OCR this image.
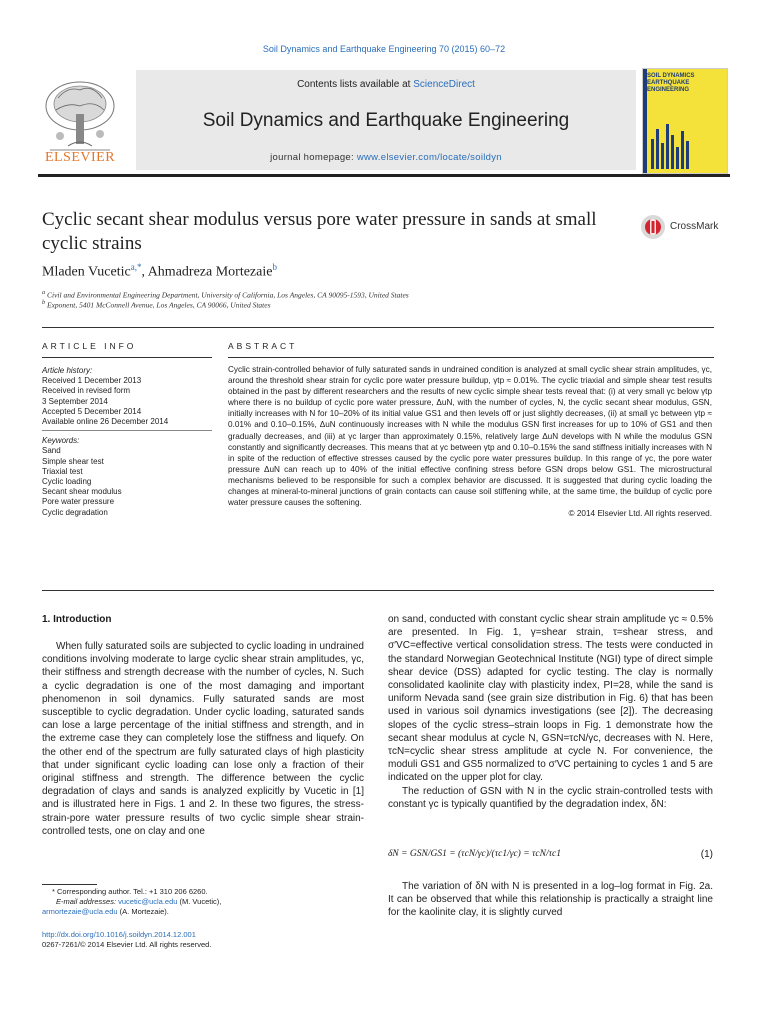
Soil Dynamics and Earthquake Engineering 70 (2015) 60–72
ELSEVIER
Contents lists available at ScienceDirect
Soil Dynamics and Earthquake Engineering
journal homepage: www.elsevier.com/locate/soildyn
SOIL DYNAMICS EARTHQUAKE ENGINEERING
Cyclic secant shear modulus versus pore water pressure in sands at small cyclic strains
CrossMark
Mladen Vucetic$^{a,*}$, Ahmadreza Mortezaie$^b$
$^a$ Civil and Environmental Engineering Department, University of California, Los Angeles, CA 90095-1593, United States
$^b$ Exponent, 5401 McConnell Avenue, Los Angeles, CA 90066, United States
ARTICLE INFO	ABSTRACT
Article history:
Received 1 December 2013
Received in revised form
3 September 2014
Accepted 5 December 2014
Available online 26 December 2014
Keywords:
Sand
Simple shear test
Triaxial test
Cyclic loading
Secant shear modulus
Pore water pressure
Cyclic degradation
Cyclic strain-controlled behavior of fully saturated sands in undrained condition is analyzed at small cyclic shear strain amplitudes, γc, around the threshold shear strain for cyclic pore water pressure buildup, γtp ≈ 0.01%. The cyclic triaxial and simple shear test results obtained in the past by different researchers and the results of new cyclic simple shear tests reveal that: (i) at very small γc below γtp where there is no buildup of cyclic pore water pressure, ΔuN, with the number of cycles, N, the cyclic secant shear modulus, GSN, initially increases with N for 10–20% of its initial value GS1 and then levels off or just slightly decreases, (ii) at small γc between γtp ≈ 0.01% and 0.10–0.15%, ΔuN continuously increases with N while the modulus GSN first increases for up to 10% of GS1 and then gradually decreases, and (iii) at γc larger than approximately 0.15%, relatively large ΔuN develops with N while the modulus GSN constantly and significantly decreases. This means that at γc between γtp and 0.10–0.15% the sand stiffness initially increases with N in spite of the reduction of effective stresses caused by the cyclic pore water pressures buildup. In this range of γc, the pore water pressure ΔuN can reach up to 40% of the initial effective confining stress before GSN drops below GS1. The microstructural mechanisms believed to be responsible for such a complex behavior are discussed. It is suggested that during cyclic loading the changes at mineral-to-mineral junctions of grain contacts can cause soil stiffening while, at the same time, the buildup of cyclic pore water pressure causes the softening.
© 2014 Elsevier Ltd. All rights reserved.
1. Introduction
When fully saturated soils are subjected to cyclic loading in undrained conditions involving moderate to large cyclic shear strain amplitudes, γc, their stiffness and strength decrease with the number of cycles, N. Such a cyclic degradation is one of the most damaging and important phenomenon in soil dynamics. Fully saturated sands are most susceptible to cyclic degradation. Under cyclic loading, saturated sands can lose a large percentage of the initial stiffness and strength, and in the extreme case they can completely lose the stiffness and liquefy. On the other end of the spectrum are fully saturated clays of high plasticity that under significant cyclic loading can lose only a fraction of their original stiffness and strength. The difference between the cyclic degradation of clays and sands is analyzed explicitly by Vucetic in [1] and is illustrated here in Figs. 1 and 2. In these two figures, the stress-strain-pore water pressure results of two cyclic simple shear strain-controlled tests, one on clay and one

on sand, conducted with constant cyclic shear strain amplitude γc ≈ 0.5% are presented. In Fig. 1, γ=shear strain, τ=shear stress, and σ′VC=effective vertical consolidation stress. The tests were conducted in the standard Norwegian Geotechnical Institute (NGI) type of direct simple shear device (DSS) adapted for cyclic testing. The clay is normally consolidated kaolinite clay with plasticity index, PI=28, while the sand is uniform Nevada sand (see grain size distribution in Fig. 6) that has been used in various soil dynamics investigations (see [2]). The decreasing slopes of the cyclic stress–strain loops in Fig. 1 demonstrate how the secant shear modulus at cycle N, GSN=τcN/γc, decreases with N. Here, τcN=cyclic shear stress amplitude at cycle N. For convenience, the moduli GS1 and GS5 normalized to σ′VC pertaining to cycles 1 and 5 are indicated on the upper plot for clay.

The reduction of GSN with N in the cyclic strain-controlled tests with constant γc is typically quantified by the degradation index, δN:

δN = GSN/GS1 = (τcN/γc)/(τc1/γc) = τcN/τc1	(1)
The variation of δN with N is presented in a log–log format in Fig. 2a. It can be observed that while this relationship is practically a straight line for the kaolinite clay, it is slightly curved
* Corresponding author. Tel.: +1 310 206 6260.
E-mail addresses: vucetic@ucla.edu (M. Vucetic),
armortezaie@ucla.edu (A. Mortezaie).
http://dx.doi.org/10.1016/j.soildyn.2014.12.001
0267-7261/© 2014 Elsevier Ltd. All rights reserved.
